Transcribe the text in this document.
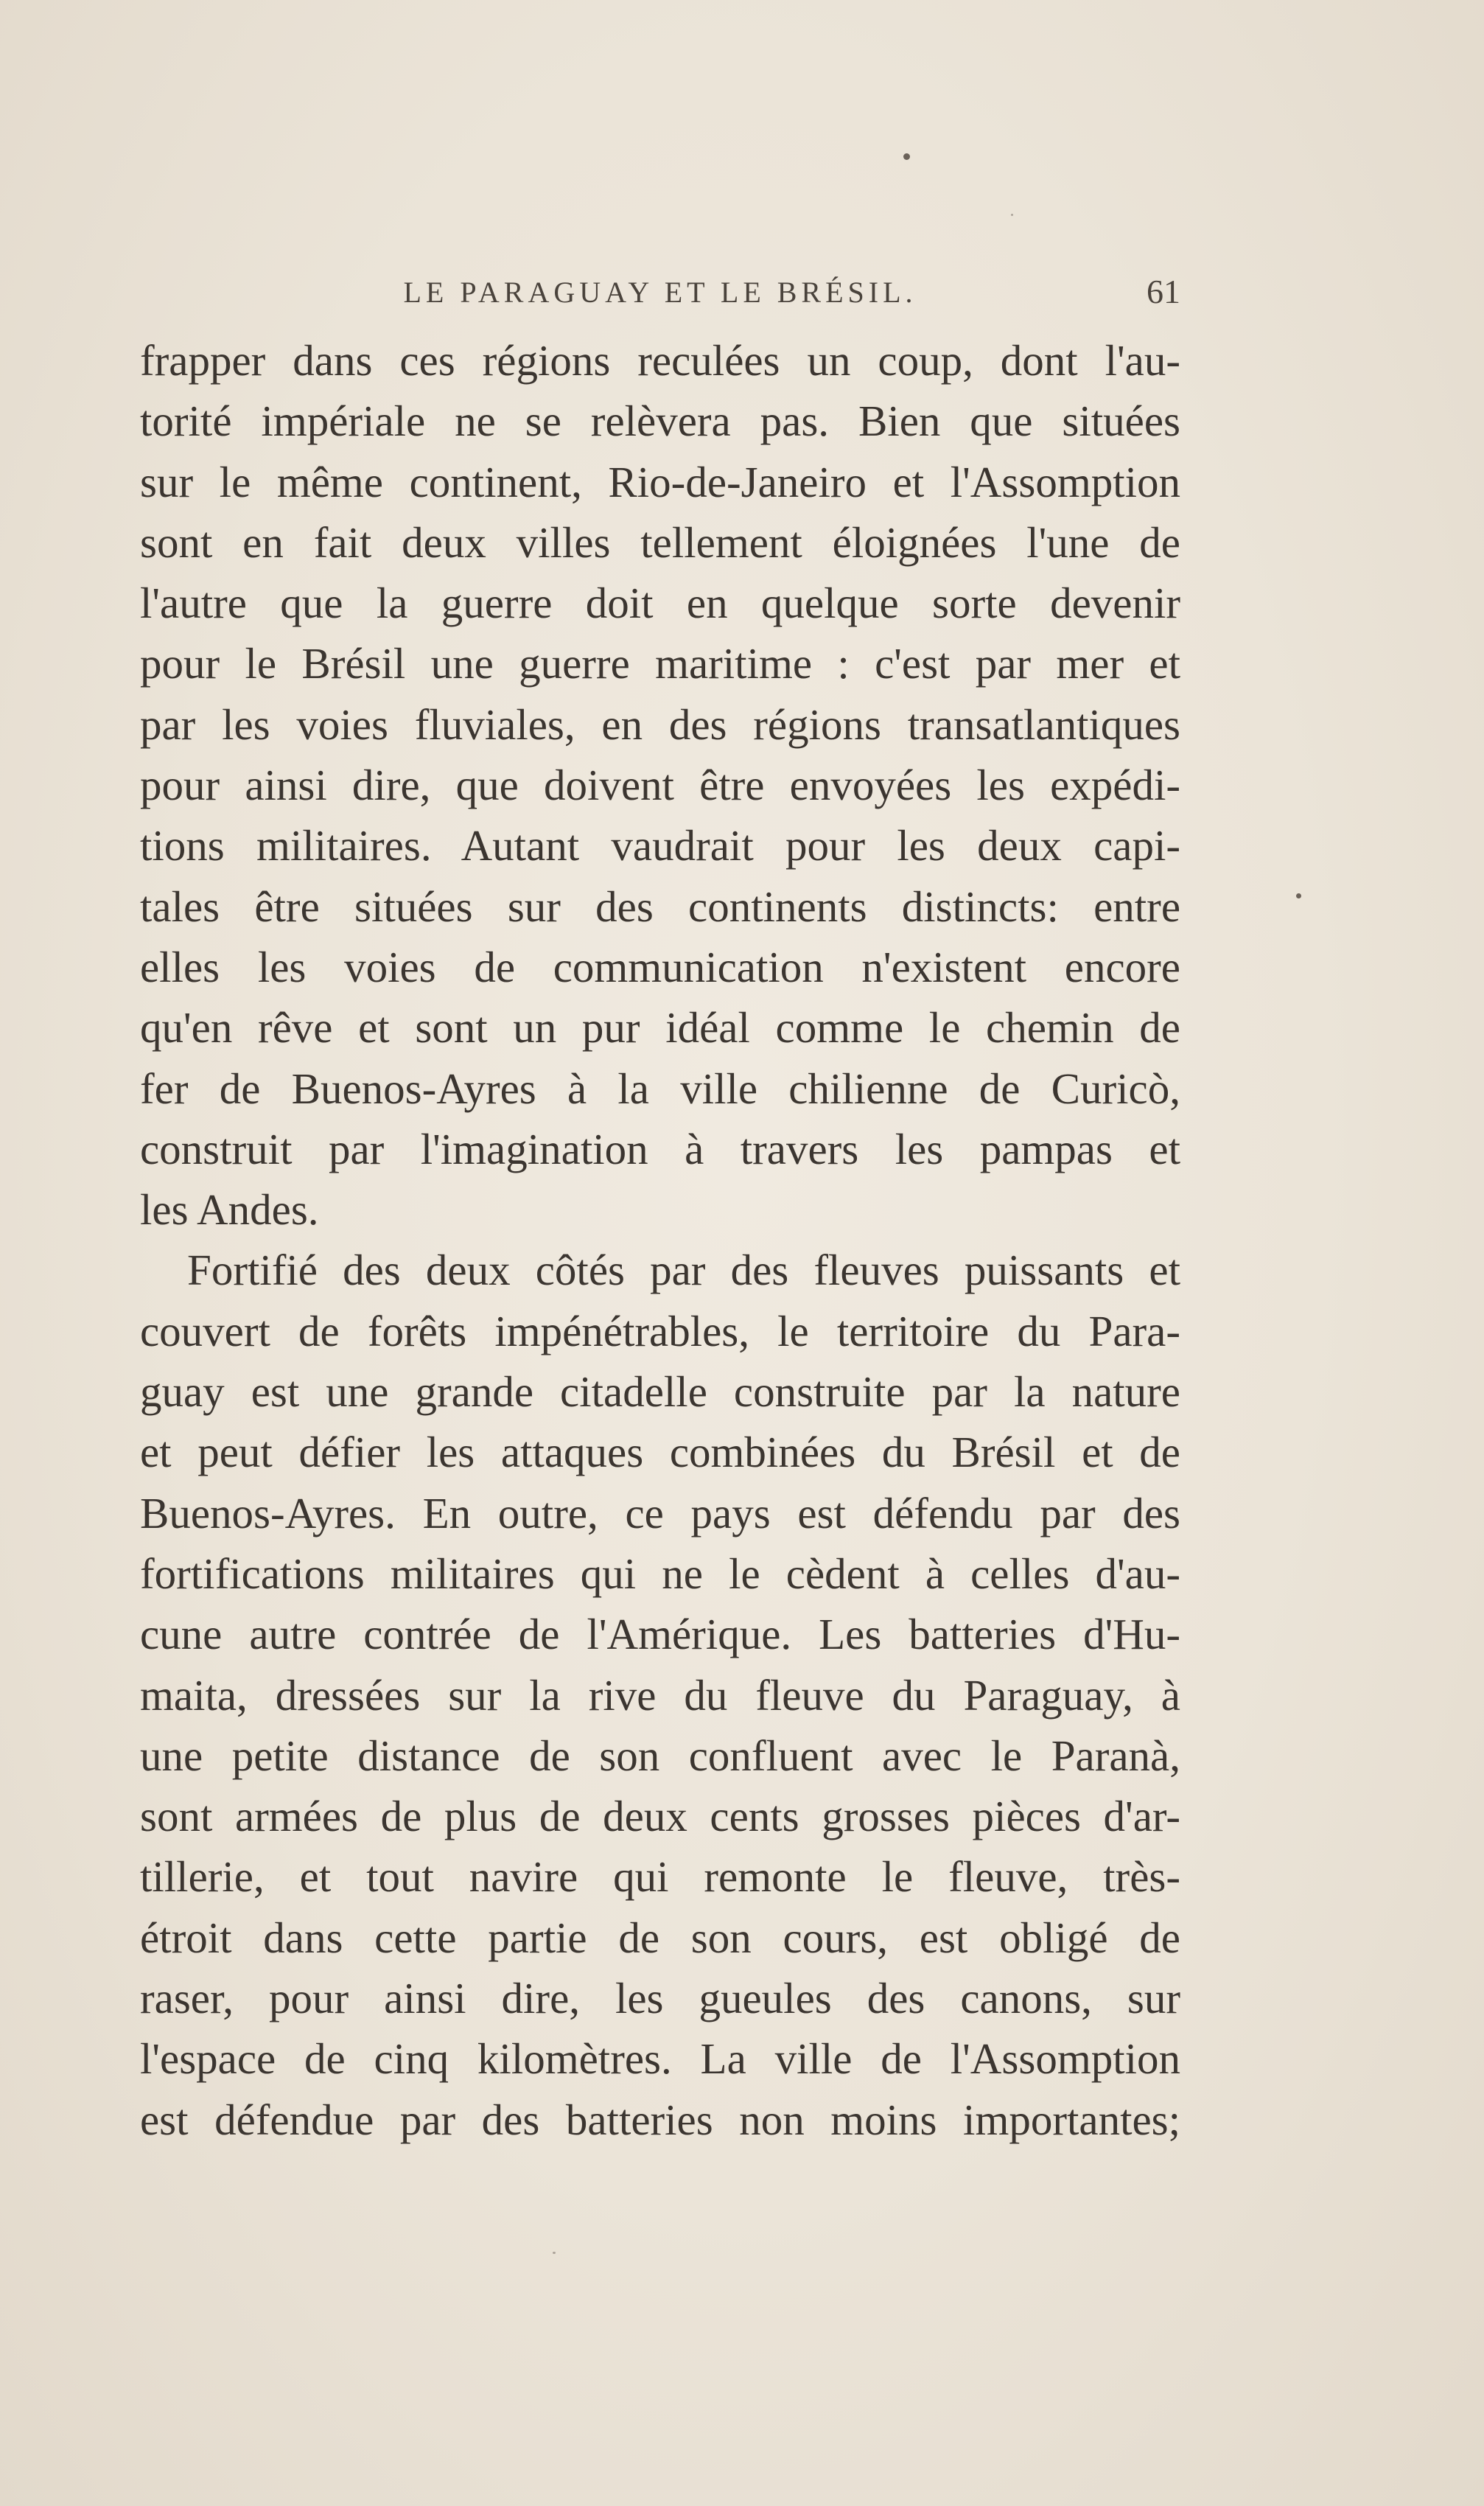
LE PARAGUAY ET LE BRÉSIL.	61
frapper dans ces régions reculées un coup, dont l'au-
torité impériale ne se relèvera pas. Bien que situées
sur le même continent, Rio-de-Janeiro et l'Assomption
sont en fait deux villes tellement éloignées l'une de
l'autre que la guerre doit en quelque sorte devenir
pour le Brésil une guerre maritime : c'est par mer et
par les voies fluviales, en des régions transatlantiques
pour ainsi dire, que doivent être envoyées les expédi-
tions militaires. Autant vaudrait pour les deux capi-
tales être situées sur des continents distincts: entre
elles les voies de communication n'existent encore
qu'en rêve et sont un pur idéal comme le chemin de
fer de Buenos-Ayres à la ville chilienne de Curicò,
construit par l'imagination à travers les pampas et
les Andes.
Fortifié des deux côtés par des fleuves puissants et
couvert de forêts impénétrables, le territoire du Para-
guay est une grande citadelle construite par la nature
et peut défier les attaques combinées du Brésil et de
Buenos-Ayres. En outre, ce pays est défendu par des
fortifications militaires qui ne le cèdent à celles d'au-
cune autre contrée de l'Amérique. Les batteries d'Hu-
maita, dressées sur la rive du fleuve du Paraguay, à
une petite distance de son confluent avec le Paranà,
sont armées de plus de deux cents grosses pièces d'ar-
tillerie, et tout navire qui remonte le fleuve, très-
étroit dans cette partie de son cours, est obligé de
raser, pour ainsi dire, les gueules des canons, sur
l'espace de cinq kilomètres. La ville de l'Assomption
est défendue par des batteries non moins importantes;
